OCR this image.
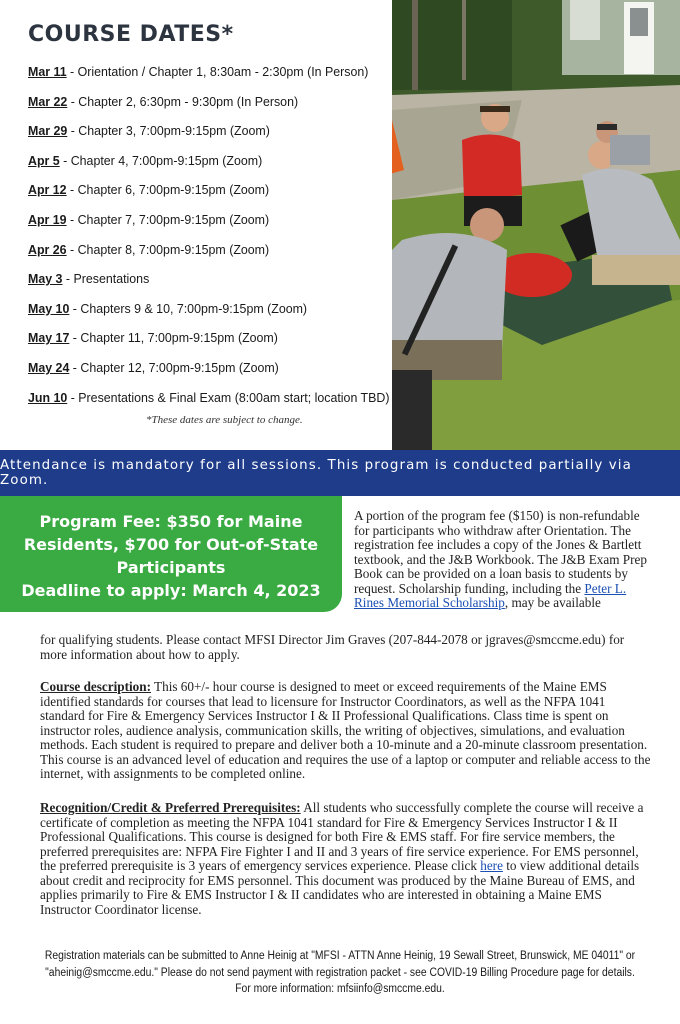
COURSE DATES*
Mar 11 - Orientation / Chapter 1, 8:30am - 2:30pm (In Person)
Mar 22 - Chapter 2, 6:30pm - 9:30pm (In Person)
Mar 29 - Chapter 3, 7:00pm-9:15pm (Zoom)
Apr 5 - Chapter 4, 7:00pm-9:15pm (Zoom)
Apr 12 - Chapter 6, 7:00pm-9:15pm (Zoom)
Apr 19 - Chapter 7, 7:00pm-9:15pm (Zoom)
Apr 26 - Chapter 8, 7:00pm-9:15pm (Zoom)
May 3 - Presentations
May 10 - Chapters 9 & 10, 7:00pm-9:15pm (Zoom)
May 17 - Chapter 11, 7:00pm-9:15pm (Zoom)
May 24 - Chapter 12, 7:00pm-9:15pm (Zoom)
Jun 10 - Presentations & Final Exam (8:00am start; location TBD)
*These dates are subject to change.
Attendance is mandatory for all sessions. This program is conducted partially via Zoom.
Program Fee: $350 for Maine
Residents, $700 for Out-of-State
Participants
Deadline to apply: March 4, 2023
A portion of the program fee ($150) is non-refundable for participants who withdraw after Orientation. The registration fee includes a copy of the Jones & Bartlett textbook, and the J&B Workbook. The J&B Exam Prep Book can be provided on a loan basis to students by request. Scholarship funding, including the Peter L. Rines Memorial Scholarship, may be available
for qualifying students. Please contact MFSI Director Jim Graves (207-844-2078 or jgraves@smccme.edu) for more information about how to apply.
Course description: This 60+/- hour course is designed to meet or exceed requirements of the Maine EMS identified standards for courses that lead to licensure for Instructor Coordinators, as well as the NFPA 1041 standard for Fire & Emergency Services Instructor I & II Professional Qualifications. Class time is spent on instructor roles, audience analysis, communication skills, the writing of objectives, simulations, and evaluation methods. Each student is required to prepare and deliver both a 10-minute and a 20-minute classroom presentation. This course is an advanced level of education and requires the use of a laptop or computer and reliable access to the internet, with assignments to be completed online.
Recognition/Credit & Preferred Prerequisites: All students who successfully complete the course will receive a certificate of completion as meeting the NFPA 1041 standard for Fire & Emergency Services Instructor I & II Professional Qualifications. This course is designed for both Fire & EMS staff. For fire service members, the preferred prerequisites are: NFPA Fire Fighter I and II and 3 years of fire service experience. For EMS personnel, the preferred prerequisite is 3 years of emergency services experience. Please click here to view additional details about credit and reciprocity for EMS personnel. This document was produced by the Maine Bureau of EMS, and applies primarily to Fire & EMS Instructor I & II candidates who are interested in obtaining a Maine EMS Instructor Coordinator license.

Registration materials can be submitted to Anne Heinig at "MFSI - ATTN Anne Heinig, 19 Sewall Street, Brunswick, ME 04011" or

"aheinig@smccme.edu." Please do not send payment with registration packet - see COVID-19 Billing Procedure page for details.

For more information: mfsiinfo@smccme.edu.
